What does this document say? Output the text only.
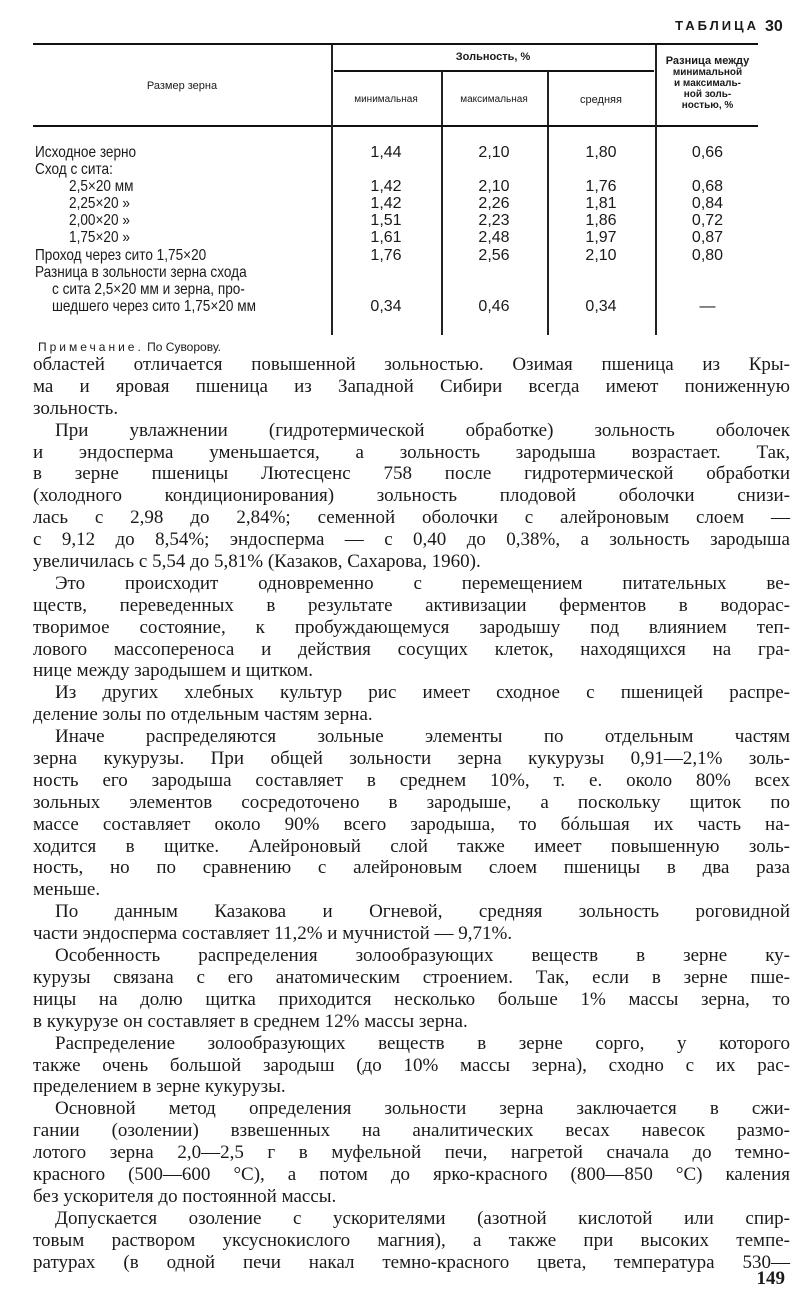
ТАБЛИЦА 30
Размер зерна
Зольность, %
минимальная	максимальная	средняя
Разница между
минимальной
и максималь-
ной золь-
ностью, %
Исходное зерно	1,44	2,10	1,80	0,66
Сход с сита:
2,5×20 мм	1,42	2,10	1,76	0,68
2,25×20 »	1,42	2,26	1,81	0,84
2,00×20 »	1,51	2,23	1,86	0,72
1,75×20 »	1,61	2,48	1,97	0,87
Проход через сито 1,75×20	1,76	2,56	2,10	0,80
Разница в зольности зерна схода
с сита 2,5×20 мм и зерна, про-
шедшего через сито 1,75×20 мм	0,34	0,46	0,34	—
Примечание. По Суворову.
областей отличается повышенной зольностью. Озимая пшеница из Кры-
ма и яровая пшеница из Западной Сибири всегда имеют пониженную
зольность.
При увлажнении (гидротермической обработке) зольность оболочек
и эндосперма уменьшается, а зольность зародыша возрастает. Так,
в зерне пшеницы Лютесценс 758 после гидротермической обработки
(холодного кондиционирования) зольность плодовой оболочки снизи-
лась с 2,98 до 2,84%; семенной оболочки с алейроновым слоем —
с 9,12 до 8,54%; эндосперма — с 0,40 до 0,38%, а зольность зародыша
увеличилась с 5,54 до 5,81% (Казаков, Сахарова, 1960).
Это происходит одновременно с перемещением питательных ве-
ществ, переведенных в результате активизации ферментов в водорас-
творимое состояние, к пробуждающемуся зародышу под влиянием теп-
лового массопереноса и действия сосущих клеток, находящихся на гра-
нице между зародышем и щитком.
Из других хлебных культур рис имеет сходное с пшеницей распре-
деление золы по отдельным частям зерна.
Иначе распределяются зольные элементы по отдельным частям
зерна кукурузы. При общей зольности зерна кукурузы 0,91—2,1% золь-
ность его зародыша составляет в среднем 10%, т. е. около 80% всех
зольных элементов сосредоточено в зародыше, а поскольку щиток по
массе составляет около 90% всего зародыша, то бóльшая их часть на-
ходится в щитке. Алейроновый слой также имеет повышенную золь-
ность, но по сравнению с алейроновым слоем пшеницы в два раза
меньше.
По данным Казакова и Огневой, средняя зольность роговидной
части эндосперма составляет 11,2% и мучнистой — 9,71%.
Особенность распределения золообразующих веществ в зерне ку-
курузы связана с его анатомическим строением. Так, если в зерне пше-
ницы на долю щитка приходится несколько больше 1% массы зерна, то
в кукурузе он составляет в среднем 12% массы зерна.
Распределение золообразующих веществ в зерне сорго, у которого
также очень большой зародыш (до 10% массы зерна), сходно с их рас-
пределением в зерне кукурузы.
Основной метод определения зольности зерна заключается в сжи-
гании (озолении) взвешенных на аналитических весах навесок размо-
лотого зерна 2,0—2,5 г в муфельной печи, нагретой сначала до темно-
красного (500—600 °С), а потом до ярко-красного (800—850 °С) каления
без ускорителя до постоянной массы.
Допускается озоление с ускорителями (азотной кислотой или спир-
товым раствором уксуснокислого магния), а также при высоких темпе-
ратурах (в одной печи накал темно-красного цвета, температура 530—
149
